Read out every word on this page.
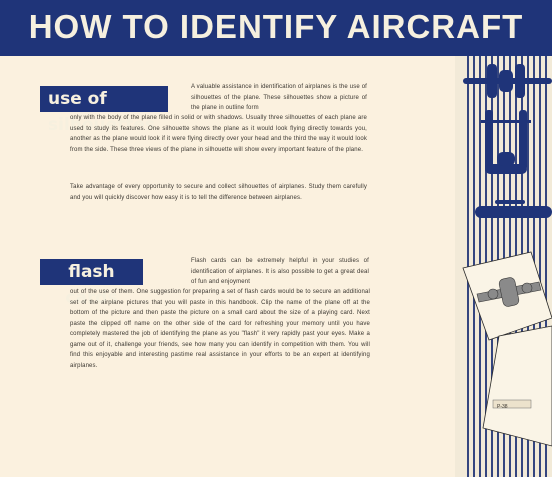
HOW TO IDENTIFY AIRCRAFT
use of silhouettes

A valuable assistance in identification of airplanes is the use of silhouettes of the plane. These silhouettes show a picture of the plane in outline form

only with the body of the plane filled in solid or with shadows. Usually three silhouettes of each plane are used to study its features. One silhouette shows the plane as it would look flying directly towards you, another as the plane would look if it were flying directly over your head and the third the way it would look from the side. These three views of the plane in silhouette will show every important feature of the plane.

Take advantage of every opportunity to secure and collect silhouettes of airplanes. Study them carefully and you will quickly discover how easy it is to tell the difference between airplanes.

flash cards

Flash cards can be extremely helpful in your studies of identification of airplanes. It is also possible to get a great deal of fun and enjoyment

out of the use of them. One suggestion for preparing a set of flash cards would be to secure an additional set of the airplane pictures that you will paste in this handbook. Clip the name of the plane off at the bottom of the picture and then paste the picture on a small card about the size of a playing card. Next paste the clipped off name on the other side of the card for refreshing your memory until you have completely mastered the job of identifying the plane as you "flash" it very rapidly past your eyes. Make a game out of it, challenge your friends, see how many you can identify in competition with them. You will find this enjoyable and interesting pastime real assistance in your efforts to be an expert at identifying airplanes.

P-38
